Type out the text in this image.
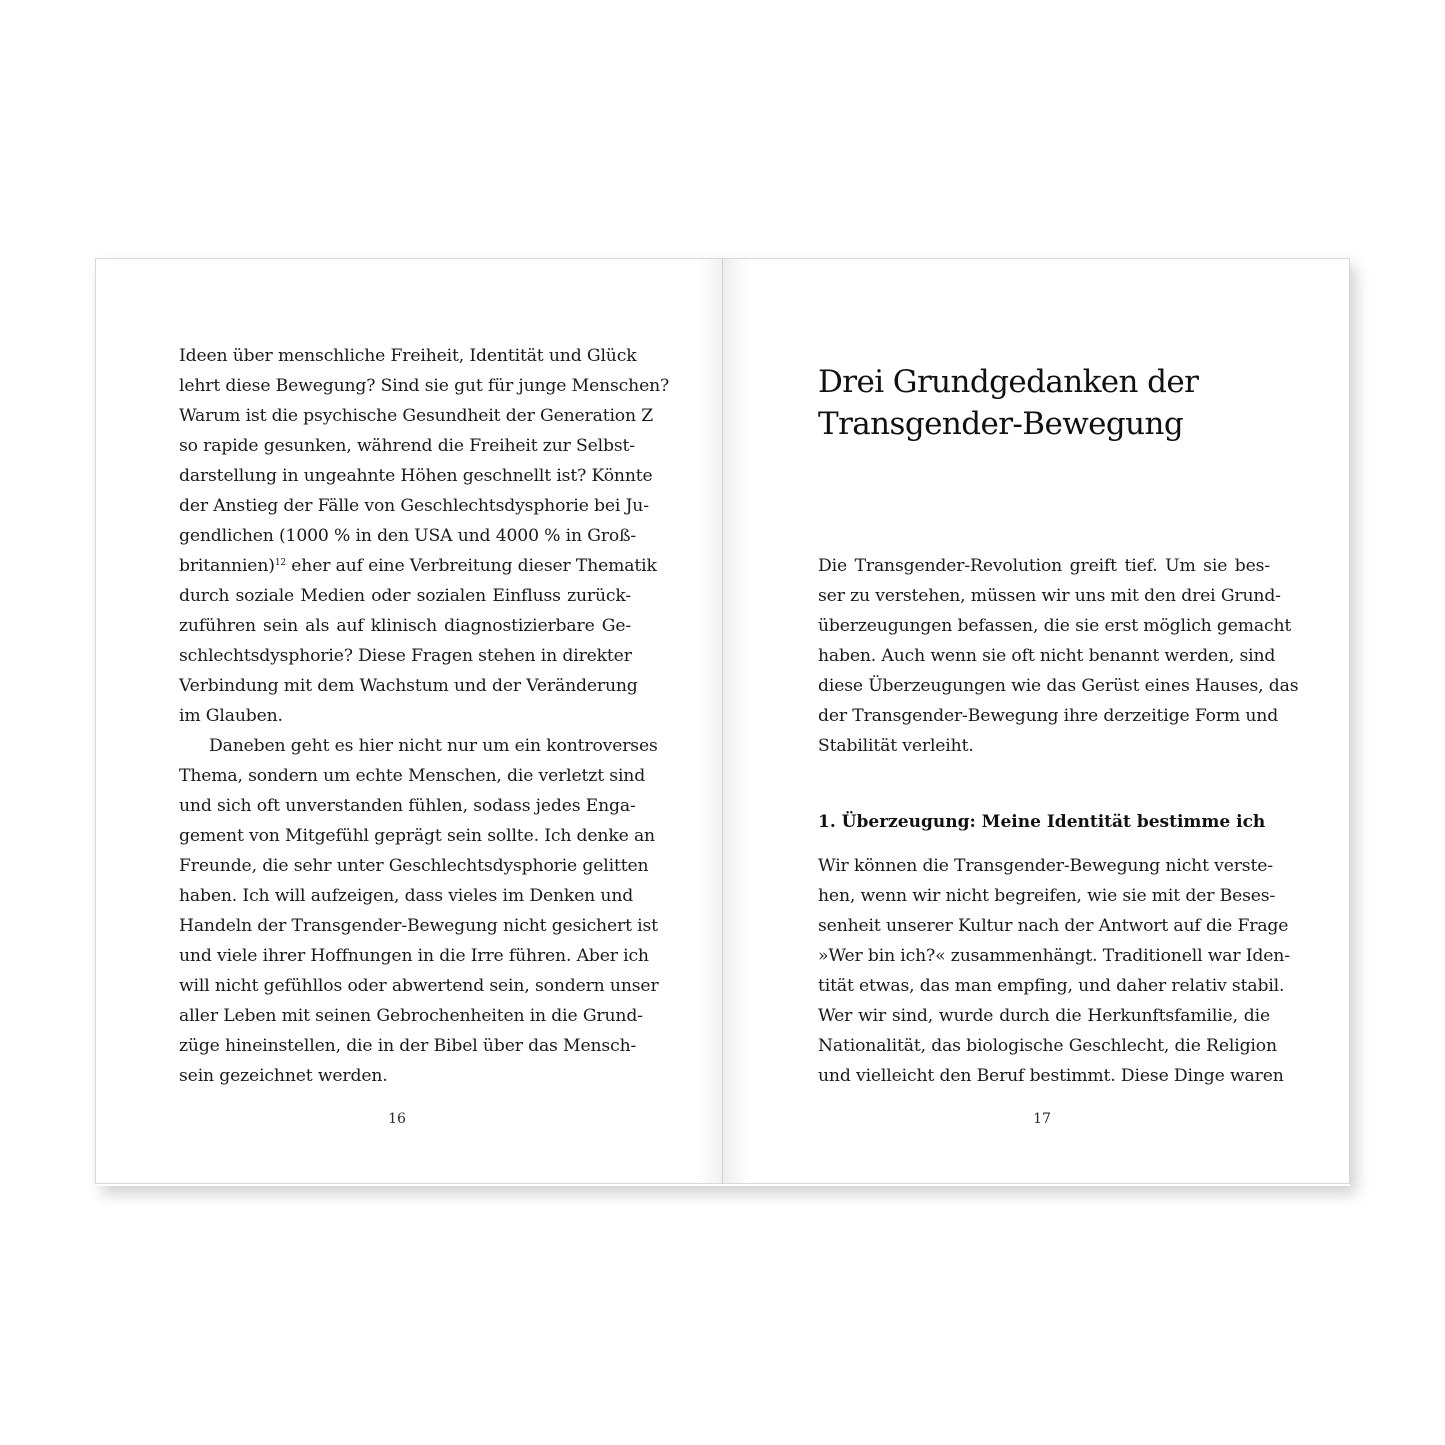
Ideen über menschliche Freiheit, Identität und Glück
lehrt diese Bewegung? Sind sie gut für junge Menschen?
Warum ist die psychische Gesundheit der Generation Z
so rapide gesunken, während die Freiheit zur Selbst-
darstellung in ungeahnte Höhen geschnellt ist? Könnte
der Anstieg der Fälle von Geschlechtsdysphorie bei Ju-
gendlichen (1000 % in den USA und 4000 % in Groß-
britannien)$^{12}$ eher auf eine Verbreitung dieser Thematik
durch soziale Medien oder sozialen Einfluss zurück-
zuführen sein als auf klinisch diagnostizierbare Ge-
schlechtsdysphorie? Diese Fragen stehen in direkter
Verbindung mit dem Wachstum und der Veränderung
im Glauben.
Daneben geht es hier nicht nur um ein kontroverses
Thema, sondern um echte Menschen, die verletzt sind
und sich oft unverstanden fühlen, sodass jedes Enga-
gement von Mitgefühl geprägt sein sollte. Ich denke an
Freunde, die sehr unter Geschlechtsdysphorie gelitten
haben. Ich will aufzeigen, dass vieles im Denken und
Handeln der Transgender-Bewegung nicht gesichert ist
und viele ihrer Hoffnungen in die Irre führen. Aber ich
will nicht gefühllos oder abwertend sein, sondern unser
aller Leben mit seinen Gebrochenheiten in die Grund-
züge hineinstellen, die in der Bibel über das Mensch-
sein gezeichnet werden.
16
Drei Grundgedanken der
Transgender-Bewegung
Die Transgender-Revolution greift tief. Um sie bes-
ser zu verstehen, müssen wir uns mit den drei Grund-
überzeugungen befassen, die sie erst möglich gemacht
haben. Auch wenn sie oft nicht benannt werden, sind
diese Überzeugungen wie das Gerüst eines Hauses, das
der Transgender-Bewegung ihre derzeitige Form und
Stabilität verleiht.
1. Überzeugung: Meine Identität bestimme ich
Wir können die Transgender-Bewegung nicht verste-
hen, wenn wir nicht begreifen, wie sie mit der Beses-
senheit unserer Kultur nach der Antwort auf die Frage
»Wer bin ich?« zusammenhängt. Traditionell war Iden-
tität etwas, das man empfing, und daher relativ stabil.
Wer wir sind, wurde durch die Herkunftsfamilie, die
Nationalität, das biologische Geschlecht, die Religion
und vielleicht den Beruf bestimmt. Diese Dinge waren
17
